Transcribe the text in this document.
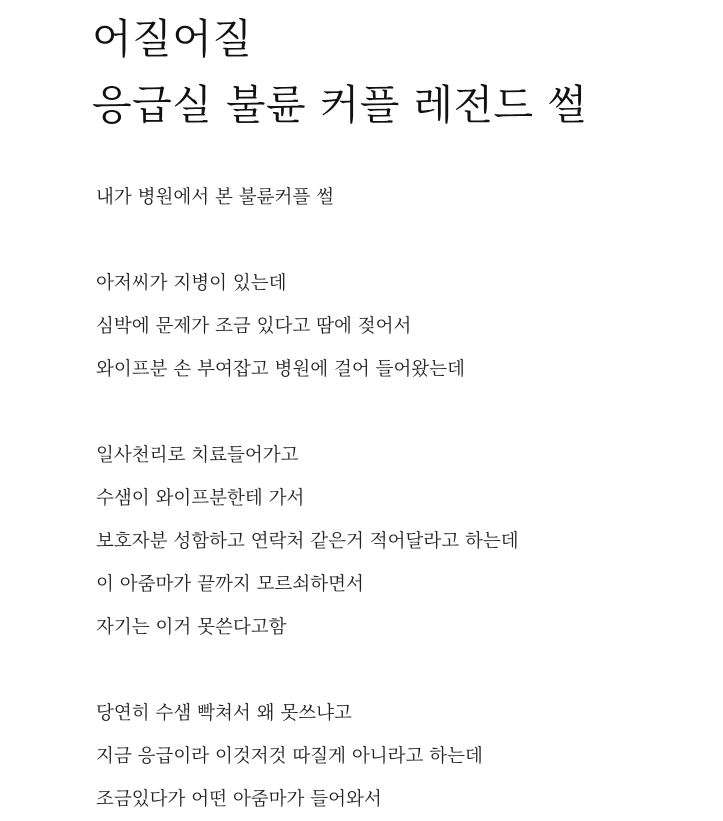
어질어질
응급실 불륜 커플 레전드 썰
내가 병원에서 본 불륜커플 썰
아저씨가 지병이 있는데
심박에 문제가 조금 있다고 땀에 젖어서
와이프분 손 부여잡고 병원에 걸어 들어왔는데
일사천리로 치료들어가고
수샘이 와이프분한테 가서
보호자분 성함하고 연락처 같은거 적어달라고 하는데
이 아줌마가 끝까지 모르쇠하면서
자기는 이거 못쓴다고함
당연히 수샘 빡쳐서 왜 못쓰냐고
지금 응급이라 이것저것 따질게 아니라고 하는데
조금있다가 어떤 아줌마가 들어와서
